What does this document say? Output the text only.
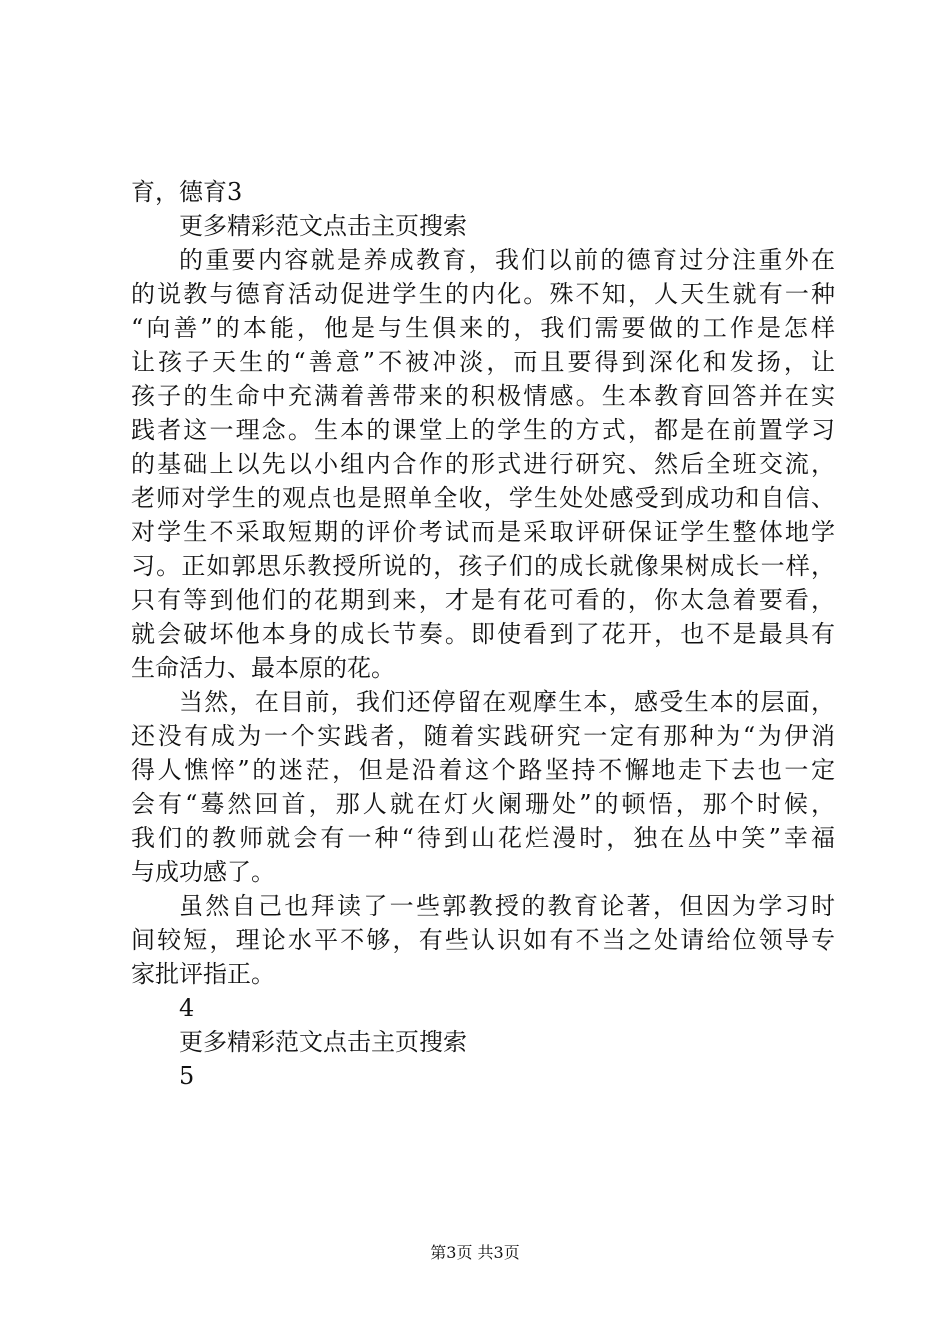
育，德育3
更多精彩范文点击主页搜索
的重要内容就是养成教育，我们以前的德育过分注重外在
的说教与德育活动促进学生的内化。殊不知，人天生就有一种
“向善”的本能，他是与生俱来的，我们需要做的工作是怎样
让孩子天生的“善意”不被冲淡，而且要得到深化和发扬，让
孩子的生命中充满着善带来的积极情感。生本教育回答并在实
践者这一理念。生本的课堂上的学生的方式，都是在前置学习
的基础上以先以小组内合作的形式进行研究、然后全班交流，
老师对学生的观点也是照单全收，学生处处感受到成功和自信、
对学生不采取短期的评价考试而是采取评研保证学生整体地学
习。正如郭思乐教授所说的，孩子们的成长就像果树成长一样，
只有等到他们的花期到来，才是有花可看的，你太急着要看，
就会破坏他本身的成长节奏。即使看到了花开，也不是最具有
生命活力、最本原的花。
当然，在目前，我们还停留在观摩生本，感受生本的层面，
还没有成为一个实践者，随着实践研究一定有那种为“为伊消
得人憔悴”的迷茫，但是沿着这个路坚持不懈地走下去也一定
会有“蓦然回首，那人就在灯火阑珊处”的顿悟，那个时候，
我们的教师就会有一种“待到山花烂漫时，独在丛中笑”幸福
与成功感了。
虽然自己也拜读了一些郭教授的教育论著，但因为学习时
间较短，理论水平不够，有些认识如有不当之处请给位领导专
家批评指正。
4
更多精彩范文点击主页搜索
5
第3页 共3页
